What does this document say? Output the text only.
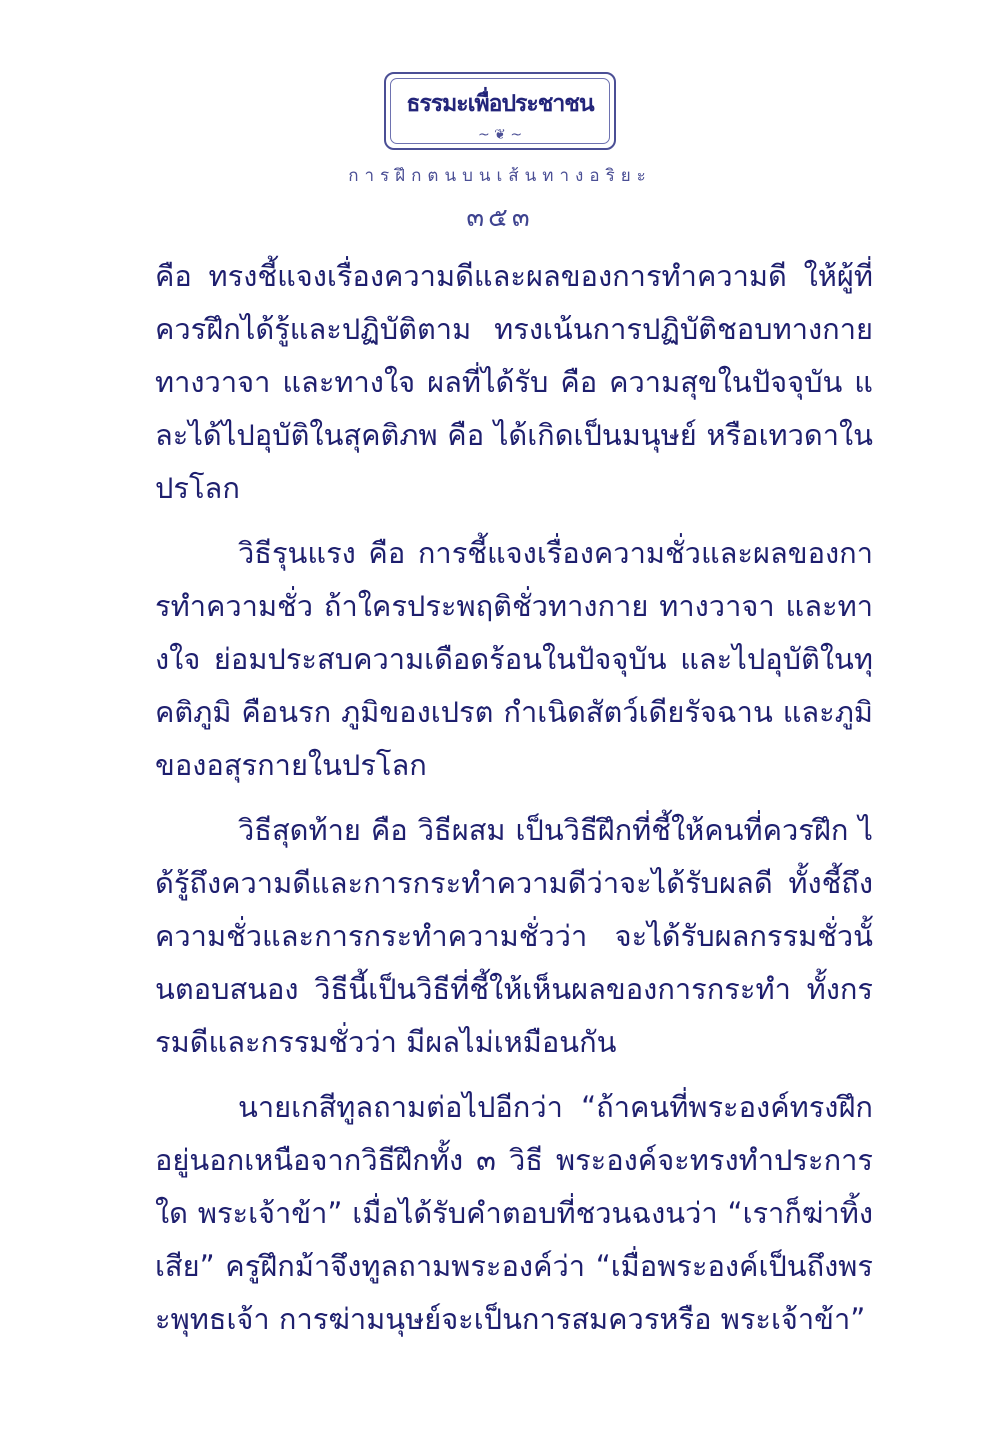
ธรรมะเพื่อประชาชน
~ ❦ ~
การฝึกตนบนเส้นทางอริยะ
๓๕๓

คือ ทรงชี้แจงเรื่องความดีและผลของการทำความดี ให้ผู้ที่ควรฝึกได้รู้และปฏิบัติตาม ทรงเน้นการปฏิบัติชอบทางกาย ทางวาจา และทางใจ ผลที่ได้รับ คือ ความสุขในปัจจุบัน และได้ไปอุบัติในสุคติภพ คือ ได้เกิดเป็นมนุษย์ หรือเทวดาในปรโลก

วิธีรุนแรง คือ การชี้แจงเรื่องความชั่วและผลของการทำความชั่ว ถ้าใครประพฤติชั่วทางกาย ทางวาจา และทางใจ ย่อมประสบความเดือดร้อนในปัจจุบัน และไปอุบัติในทุคติภูมิ คือนรก ภูมิของเปรต กำเนิดสัตว์เดียรัจฉาน และภูมิของอสุรกายในปรโลก

วิธีสุดท้าย คือ วิธีผสม เป็นวิธีฝึกที่ชี้ให้คนที่ควรฝึก ได้รู้ถึงความดีและการกระทำความดีว่าจะได้รับผลดี ทั้งชี้ถึงความชั่วและการกระทำความชั่วว่า จะได้รับผลกรรมชั่วนั้นตอบสนอง วิธีนี้เป็นวิธีที่ชี้ให้เห็นผลของการกระทำ ทั้งกรรมดีและกรรมชั่วว่า มีผลไม่เหมือนกัน

นายเกสีทูลถามต่อไปอีกว่า “ถ้าคนที่พระองค์ทรงฝึกอยู่นอกเหนือจากวิธีฝึกทั้ง ๓ วิธี พระองค์จะทรงทำประการใด พระเจ้าข้า” เมื่อได้รับคำตอบที่ชวนฉงนว่า “เราก็ฆ่าทิ้งเสีย” ครูฝึกม้าจึงทูลถามพระองค์ว่า “เมื่อพระองค์เป็นถึงพระพุทธเจ้า การฆ่ามนุษย์จะเป็นการสมควรหรือ พระเจ้าข้า”
